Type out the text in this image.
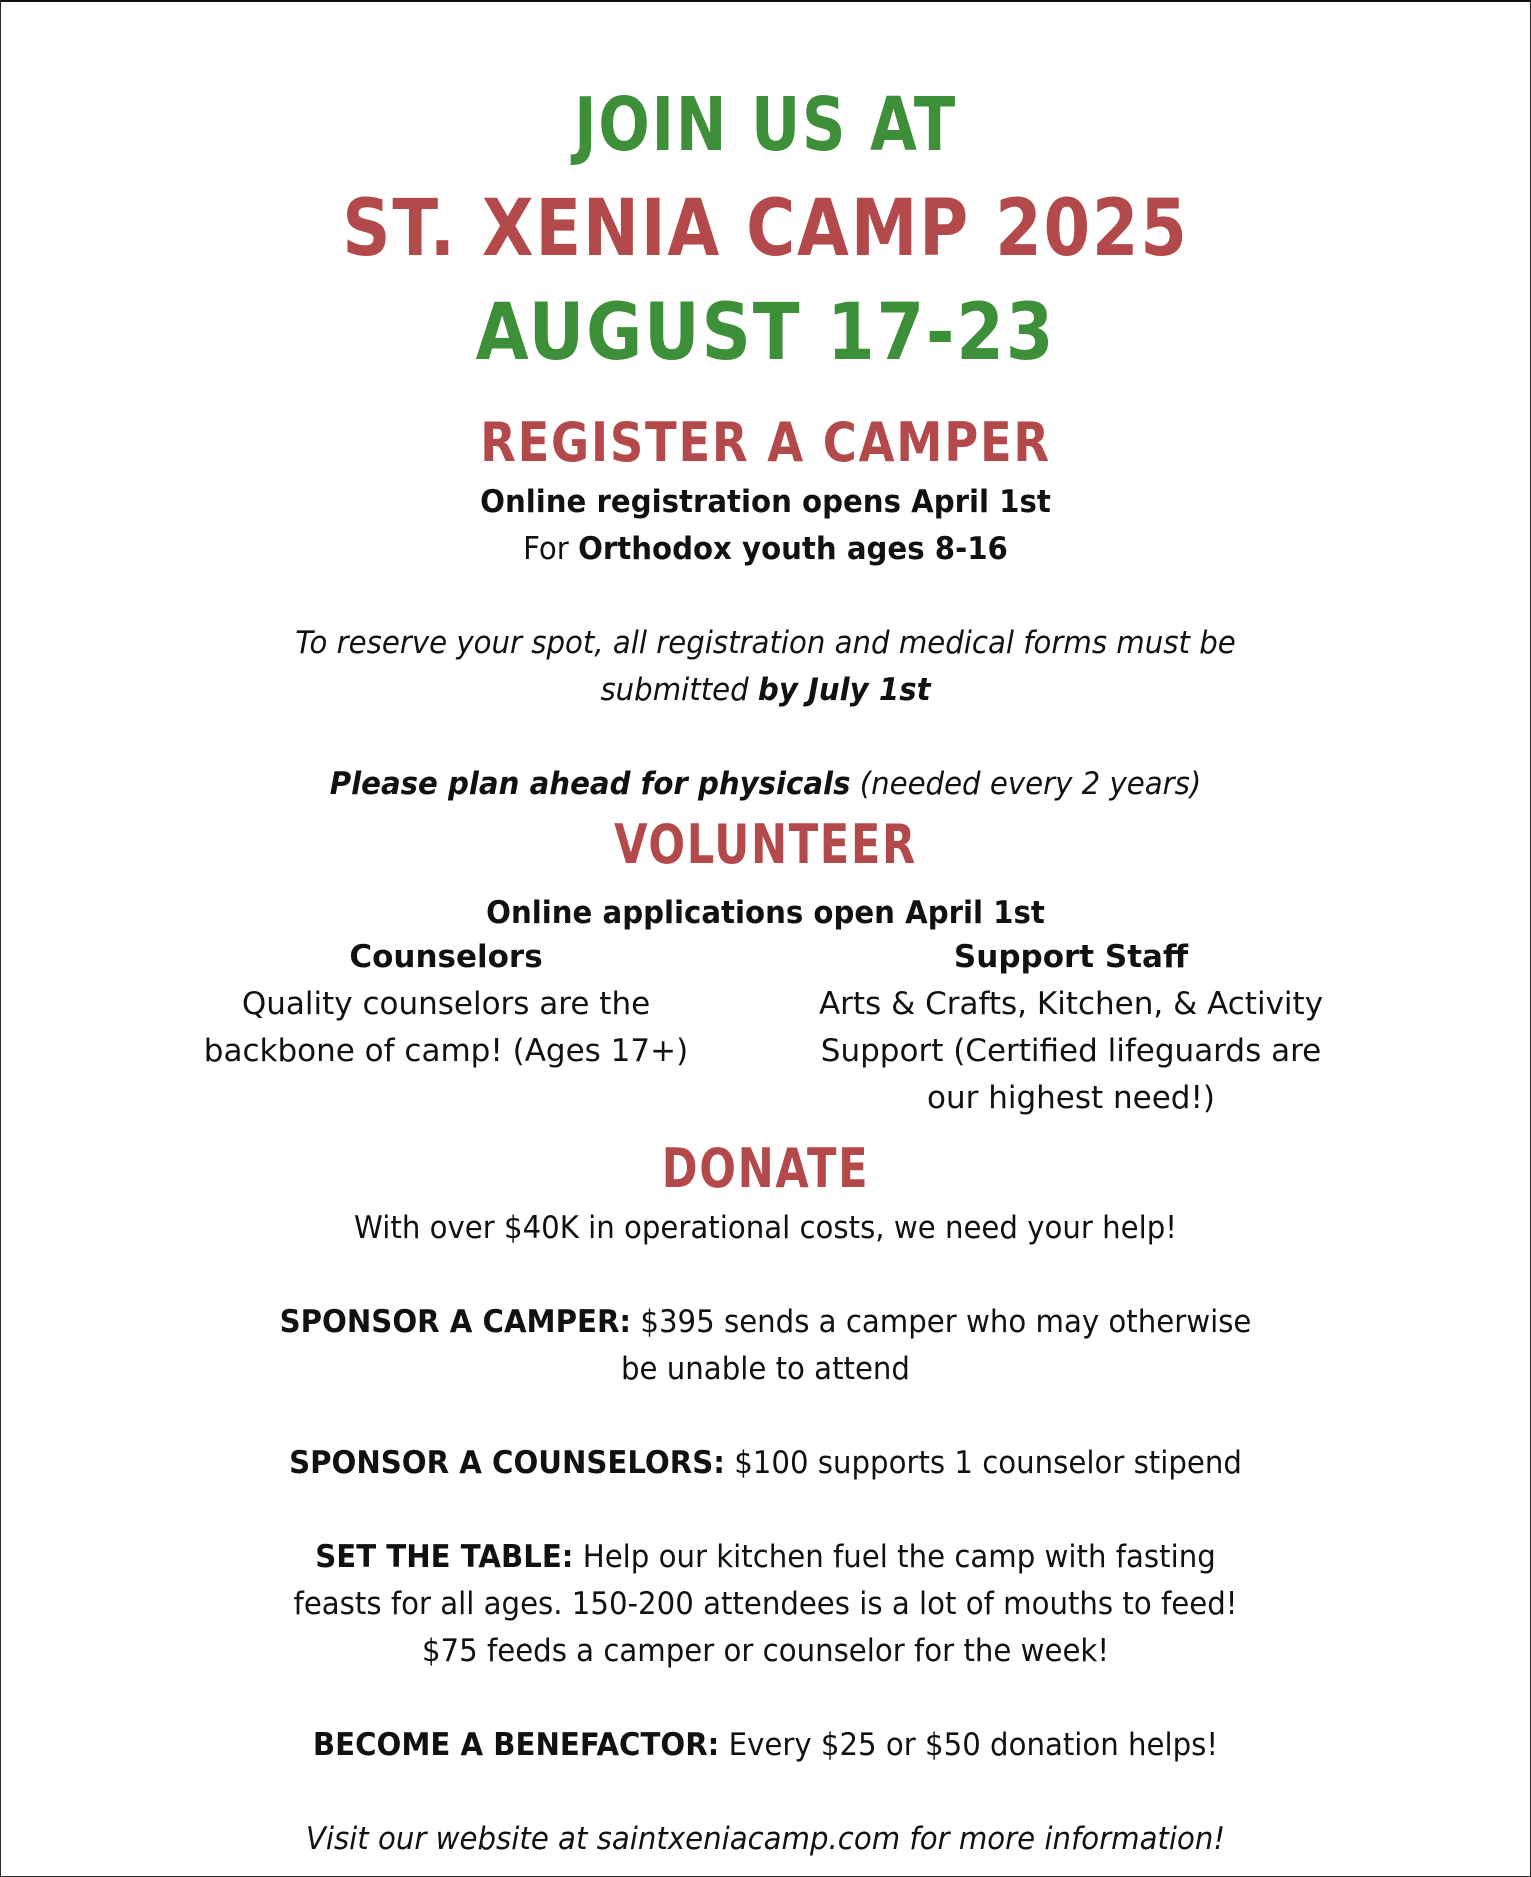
JOIN US AT
ST. XENIA CAMP 2025
AUGUST 17-23
REGISTER A CAMPER
Online registration opens April 1st
For Orthodox youth ages 8-16
To reserve your spot, all registration and medical forms must be
submitted by July 1st
Please plan ahead for physicals (needed every 2 years)
VOLUNTEER
Online applications open April 1st
Counselors
Quality counselors are the
backbone of camp! (Ages 17+)
Support Staff
Arts & Crafts, Kitchen, & Activity
Support (Certified lifeguards are
our highest need!)
DONATE
With over $40K in operational costs, we need your help!
SPONSOR A CAMPER: $395 sends a camper who may otherwise
be unable to attend
SPONSOR A COUNSELORS: $100 supports 1 counselor stipend
SET THE TABLE: Help our kitchen fuel the camp with fasting
feasts for all ages. 150-200 attendees is a lot of mouths to feed!
$75 feeds a camper or counselor for the week!
BECOME A BENEFACTOR: Every $25 or $50 donation helps!
Visit our website at saintxeniacamp.com for more information!
